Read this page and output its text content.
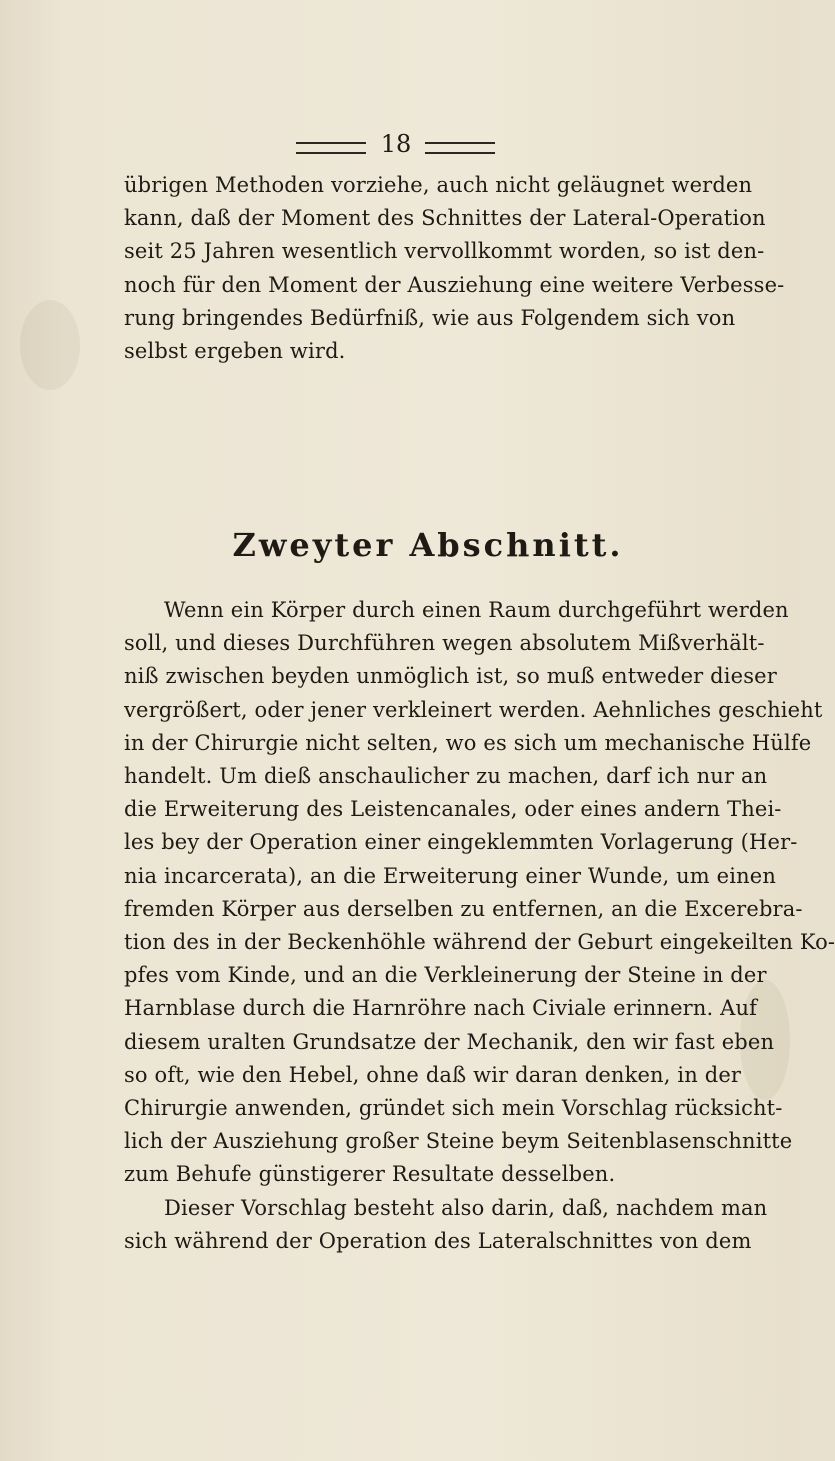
18
übrigen Methoden vorziehe, auch nicht geläugnet werden
kann, daß der Moment des Schnittes der Lateral-Operation
seit 25 Jahren wesentlich vervollkommt worden, so ist den-
noch für den Moment der Ausziehung eine weitere Verbesse-
rung bringendes Bedürfniß, wie aus Folgendem sich von
selbst ergeben wird.
Zweyter Abschnitt.
Wenn ein Körper durch einen Raum durchgeführt werden
soll, und dieses Durchführen wegen absolutem Mißverhält-
niß zwischen beyden unmöglich ist, so muß entweder dieser
vergrößert, oder jener verkleinert werden. Aehnliches geschieht
in der Chirurgie nicht selten, wo es sich um mechanische Hülfe
handelt. Um dieß anschaulicher zu machen, darf ich nur an
die Erweiterung des Leistencanales, oder eines andern Thei-
les bey der Operation einer eingeklemmten Vorlagerung (Her-
nia incarcerata), an die Erweiterung einer Wunde, um einen
fremden Körper aus derselben zu entfernen, an die Excerebra-
tion des in der Beckenhöhle während der Geburt eingekeilten Ko-
pfes vom Kinde, und an die Verkleinerung der Steine in der
Harnblase durch die Harnröhre nach Civiale erinnern. Auf
diesem uralten Grundsatze der Mechanik, den wir fast eben
so oft, wie den Hebel, ohne daß wir daran denken, in der
Chirurgie anwenden, gründet sich mein Vorschlag rücksicht-
lich der Ausziehung großer Steine beym Seitenblasenschnitte
zum Behufe günstigerer Resultate desselben.
Dieser Vorschlag besteht also darin, daß, nachdem man
sich während der Operation des Lateralschnittes von dem
